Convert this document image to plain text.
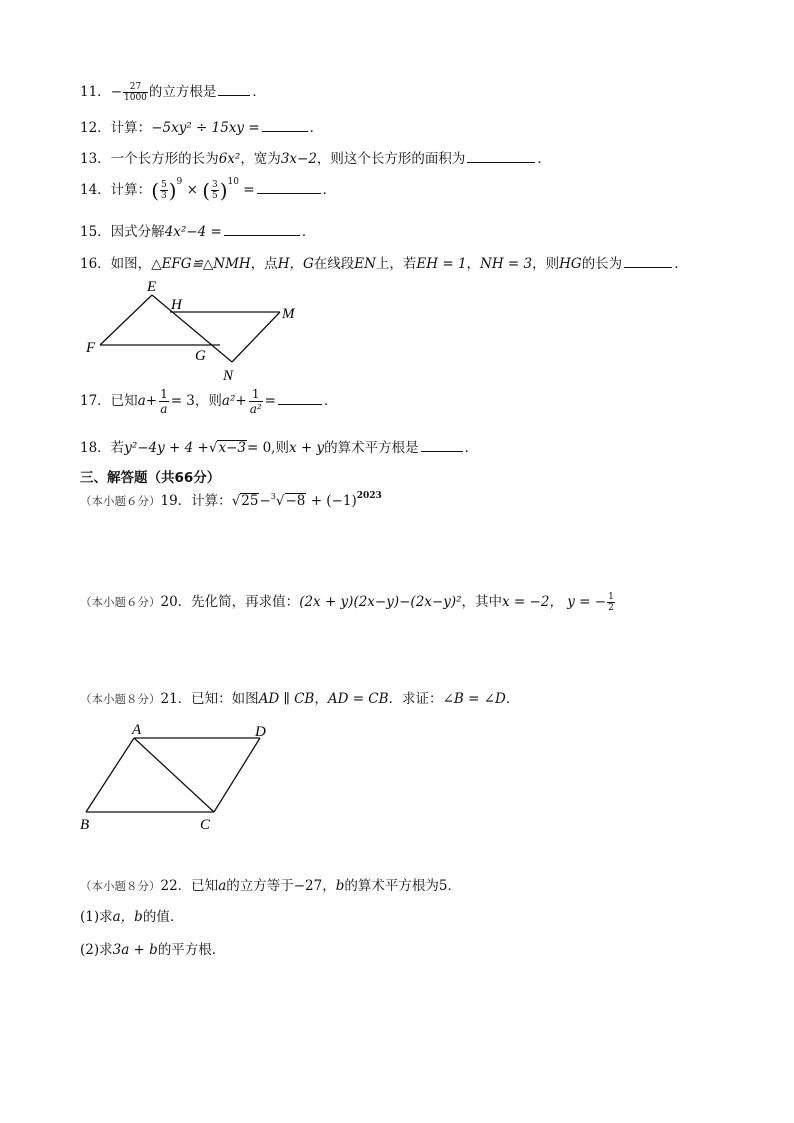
11．− $\frac{27}{1000}$ 的立方根是	．
12．计算：−5xy² ÷ 15xy =	．
13．一个长方形的长为6x²，宽为3x−2，则这个长方形的面积为	．
14．计算：( $\frac{5}{3} )^9$ × ( $\frac{3}{5} )^{10}$ =	．
15．因式分解4x²−4 =	．
16．如图，△EFG≌△NMH，点H，G在线段EN上，若EH = 1，NH = 3，则HG的长为	．
E
H
M
F	G
N
17．已知$a+ \frac{1}{a} = 3$，则$a^2+ \frac{1}{\text{a²}}$ =	．
18．若y²−4y + 4 +√x−3= 0,则x + y的算术平方根是	．
三、解答题（共66分）
（本小题６分）19．计算：$√25-^3√-8 + (-1)^{2023}$
（本小题６分）20．先化简，再求值：(2x + y)(2x−y)−(2x−y)²，其中x = −2， y = − $\frac{1}{2}$
（本小题８分）21．已知：如图AD ∥ CB，AD = CB．求证：∠B = ∠D．
A	D
B	C
（本小题８分）22．已知a的立方等于−27，b的算术平方根为5．
(1)求a，b的值．
(2)求3a + b的平方根．
